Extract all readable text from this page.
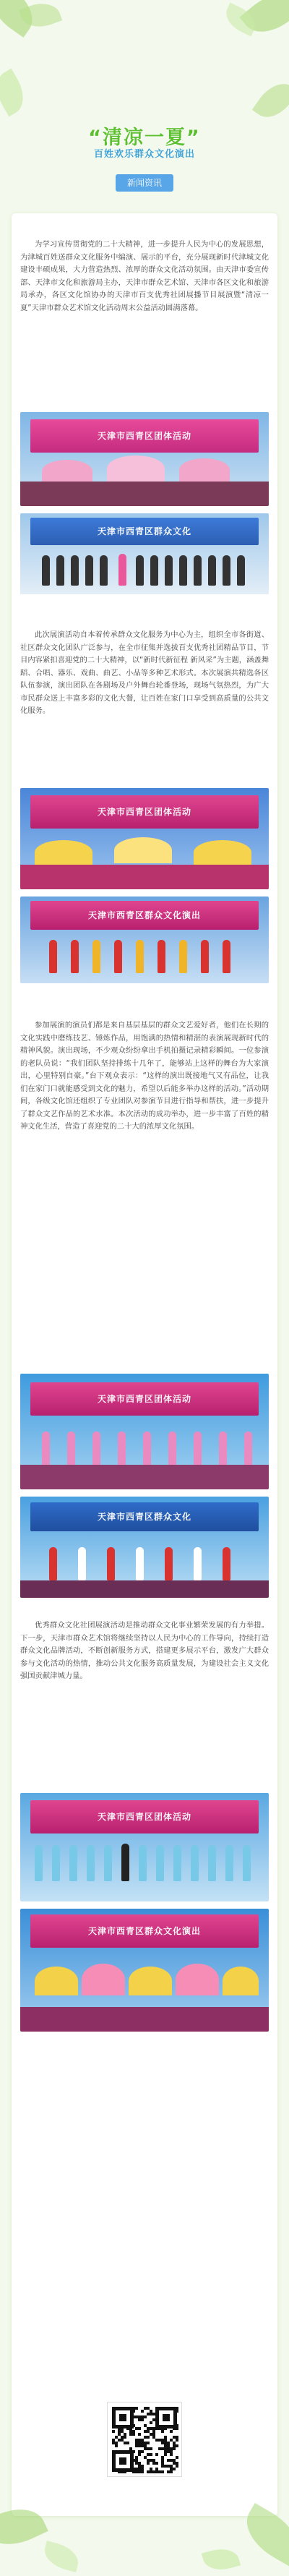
“清凉一夏”
百姓欢乐群众文化演出
新闻资讯
为学习宣传贯彻党的二十大精神，进一步提升人民为中心的发展思想，为津城百姓送群众文化服务中编演、展示的平台，充分展现新时代津城文化建设丰硕成果，大力营造热烈、浓厚的群众文化活动氛围。由天津市委宣传部、天津市文化和旅游局主办，天津市群众艺术馆、天津市各区文化和旅游局承办，各区文化馆协办的天津市百支优秀社团展播节目展演暨“清凉一夏”天津市群众艺术馆文化活动周末公益活动圆满落幕。
天津市西青区团体活动
天津市西青区群众文化
此次展演活动自本着传承群众文化服务为中心为主，组织全市各街道、社区群众文化团队广泛参与，在全市征集并选拔百支优秀社团精品节目，节目内容紧扣喜迎党的二十大精神，以“新时代新征程 新风采”为主题，涵盖舞蹈、合唱、器乐、戏曲、曲艺、小品等多种艺术形式。本次展演共精选各区队伍参演，演出团队在各剧场及户外舞台轮番登场，现场气氛热烈，为广大市民群众送上丰富多彩的文化大餐，让百姓在家门口享受到高质量的公共文化服务。
天津市西青区团体活动
天津市西青区群众文化演出
参加展演的演员们都是来自基层基层的群众文艺爱好者，他们在长期的文化实践中磨练技艺、锤炼作品，用饱满的热情和精湛的表演展现新时代的精神风貌。演出现场，不少观众纷纷拿出手机拍摄记录精彩瞬间。一位参演的老队员说：“我们团队坚持排练十几年了，能够站上这样的舞台为大家演出，心里特别自豪。”台下观众表示：“这样的演出既接地气又有品位，让我们在家门口就能感受到文化的魅力，希望以后能多举办这样的活动。”活动期间，各级文化馆还组织了专业团队对参演节目进行指导和帮扶，进一步提升了群众文艺作品的艺术水准。本次活动的成功举办，进一步丰富了百姓的精神文化生活，营造了喜迎党的二十大的浓厚文化氛围。
天津市西青区团体活动
天津市西青区群众文化
优秀群众文化社团展演活动是推动群众文化事业繁荣发展的有力举措。下一步，天津市群众艺术馆将继续坚持以人民为中心的工作导向，持续打造群众文化品牌活动，不断创新服务方式，搭建更多展示平台，激发广大群众参与文化活动的热情，推动公共文化服务高质量发展，为建设社会主义文化强国贡献津城力量。
天津市西青区团体活动
天津市西青区群众文化演出
